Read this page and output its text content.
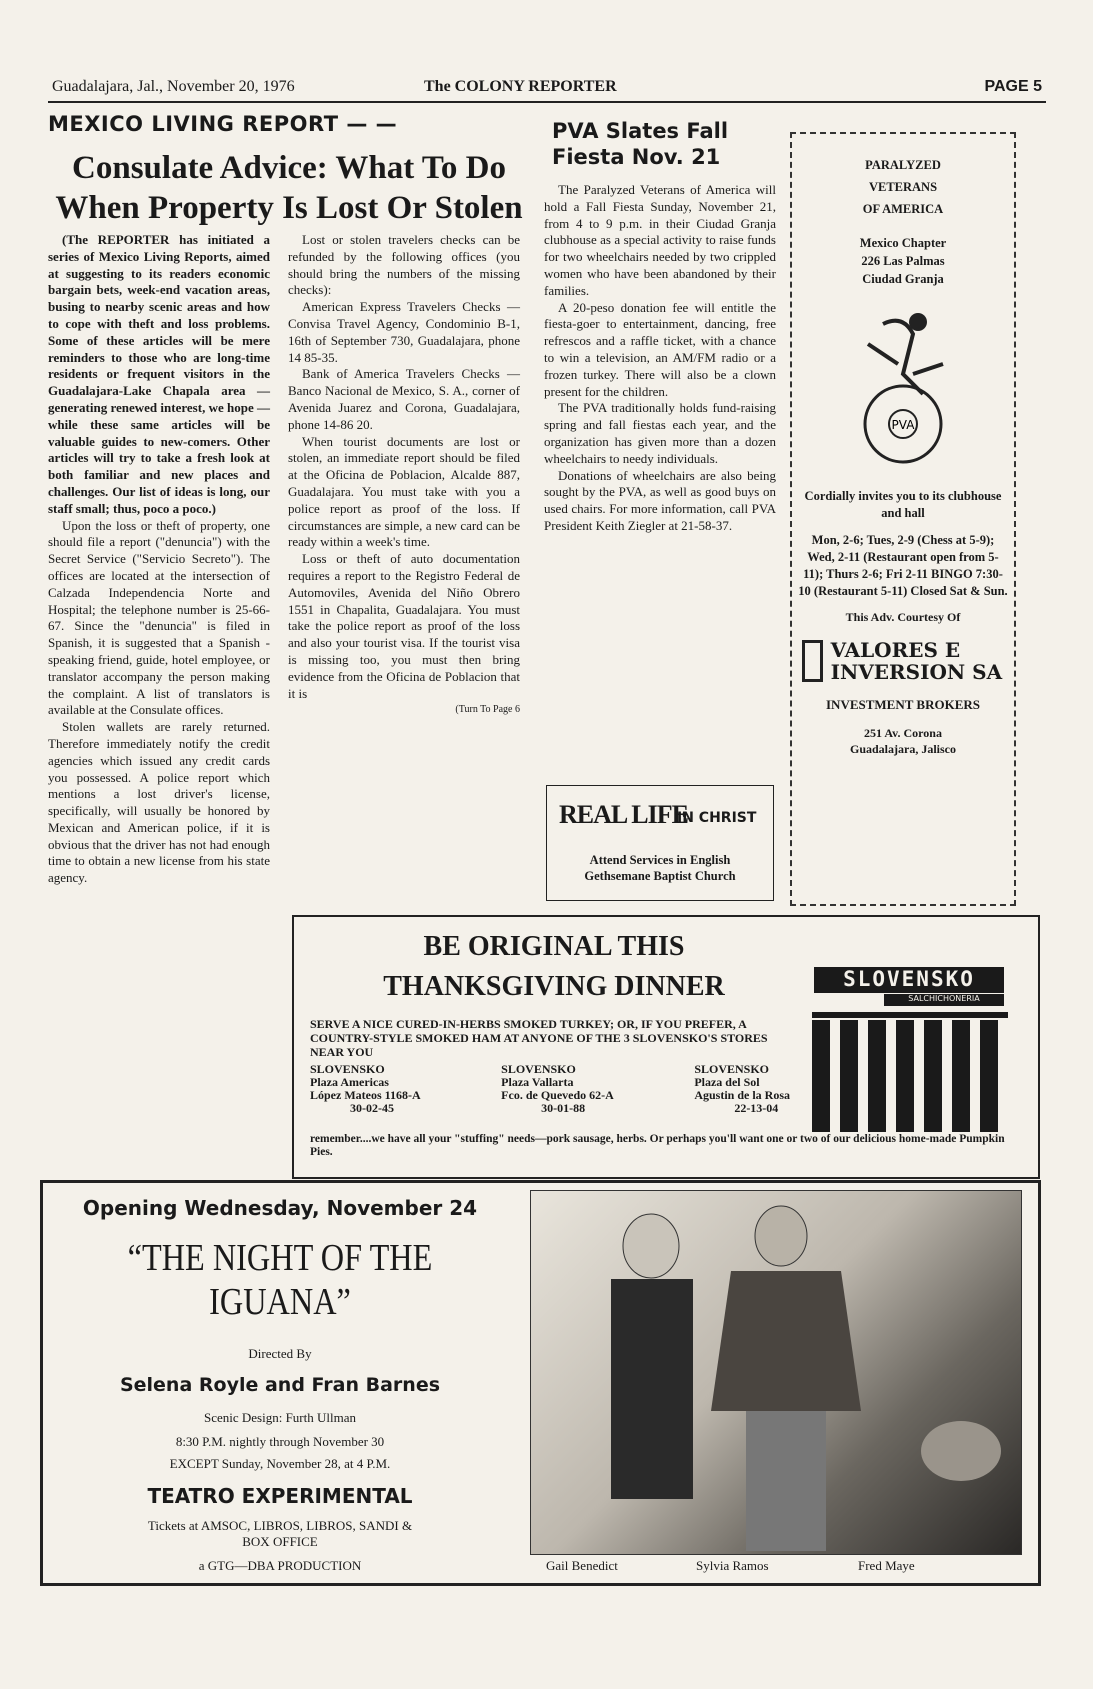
Guadalajara, Jal., November 20, 1976	The COLONY REPORTER	PAGE 5
MEXICO LIVING REPORT — —
Consulate Advice: What To Do When Property Is Lost Or Stolen

(The REPORTER has initiated a series of Mexico Living Reports, aimed at suggesting to its readers economic bargain bets, week-end vacation areas, busing to nearby scenic areas and how to cope with theft and loss problems. Some of these articles will be mere reminders to those who are long-time residents or frequent visitors in the Guadalajara-Lake Chapala area — generating renewed interest, we hope — while these same articles will be valuable guides to new-comers. Other articles will try to take a fresh look at both familiar and new places and challenges. Our list of ideas is long, our staff small; thus, poco a poco.)

Upon the loss or theft of property, one should file a report ("denuncia") with the Secret Service ("Servicio Secreto"). The offices are located at the intersection of Calzada Independencia Norte and Hospital; the telephone number is 25-66-67. Since the "denuncia" is filed in Spanish, it is suggested that a Spanish - speaking friend, guide, hotel employee, or translator accompany the person making the complaint. A list of translators is available at the Consulate offices.

Stolen wallets are rarely returned. Therefore immediately notify the credit agencies which issued any credit cards you possessed. A police report which mentions a lost driver's license, specifically, will usually be honored by Mexican and American police, if it is obvious that the driver has not had enough time to obtain a new license from his state agency.

Lost or stolen travelers checks can be refunded by the following offices (you should bring the numbers of the missing checks):

American Express Travelers Checks — Convisa Travel Agency, Condominio B-1, 16th of September 730, Guadalajara, phone 14 85-35.

Bank of America Travelers Checks — Banco Nacional de Mexico, S. A., corner of Avenida Juarez and Corona, Guadalajara, phone 14-86 20.

When tourist documents are lost or stolen, an immediate report should be filed at the Oficina de Poblacion, Alcalde 887, Guadalajara. You must take with you a police report as proof of the loss. If circumstances are simple, a new card can be ready within a week's time.

Loss or theft of auto documentation requires a report to the Registro Federal de Automoviles, Avenida del Niño Obrero 1551 in Chapalita, Guadalajara. You must take the police report as proof of the loss and also your tourist visa. If the tourist visa is missing too, you must then bring evidence from the Oficina de Poblacion that it is

(Turn To Page 6
PVA Slates Fall Fiesta Nov. 21

The Paralyzed Veterans of America will hold a Fall Fiesta Sunday, November 21, from 4 to 9 p.m. in their Ciudad Granja clubhouse as a special activity to raise funds for two wheelchairs needed by two crippled women who have been abandoned by their families.

A 20-peso donation fee will entitle the fiesta-goer to entertainment, dancing, free refrescos and a raffle ticket, with a chance to win a television, an AM/FM radio or a frozen turkey. There will also be a clown present for the children.

The PVA traditionally holds fund-raising spring and fall fiestas each year, and the organization has given more than a dozen wheelchairs to needy individuals.

Donations of wheelchairs are also being sought by the PVA, as well as good buys on used chairs. For more information, call PVA President Keith Ziegler at 21-58-37.

REAL LIFE
IN CHRIST
Attend Services in English
Gethsemane Baptist Church
PARALYZED
VETERANS
OF AMERICA
Mexico Chapter
226 Las Palmas
Ciudad Granja
PVA
Cordially invites you to its clubhouse and hall
Mon, 2-6; Tues, 2-9 (Chess at 5-9); Wed, 2-11 (Restaurant open from 5-11); Thurs 2-6; Fri 2-11 BINGO 7:30-10 (Restaurant 5-11) Closed Sat & Sun.
This Adv. Courtesy Of
VALORES E INVERSION SA
INVESTMENT BROKERS
251 Av. Corona
Guadalajara, Jalisco
BE ORIGINAL THIS
THANKSGIVING DINNER	SLOVENSKO
SALCHICHONERIA
SERVE A NICE CURED-IN-HERBS SMOKED TURKEY; OR, IF YOU PREFER, A COUNTRY-STYLE SMOKED HAM AT ANYONE OF THE 3 SLOVENSKO'S STORES NEAR YOU
SLOVENSKO
Plaza Americas
López Mateos 1168-A
30-02-45
SLOVENSKO
Plaza Vallarta
Fco. de Quevedo 62-A
30-01-88
SLOVENSKO
Plaza del Sol
Agustin de la Rosa
22-13-04
remember....we have all your "stuffing" needs—pork sausage, herbs. Or perhaps you'll want one or two of our delicious home-made Pumpkin Pies.
Opening Wednesday, November 24
“THE NIGHT OF THE
IGUANA”
Directed By
Selena Royle and Fran Barnes
Scenic Design: Furth Ullman
8:30 P.M. nightly through November 30
EXCEPT Sunday, November 28, at 4 P.M.
TEATRO EXPERIMENTAL
Tickets at AMSOC, LIBROS, LIBROS, SANDI &
BOX OFFICE
a GTG—DBA PRODUCTION	Gail Benedict	Sylvia Ramos	Fred Maye
